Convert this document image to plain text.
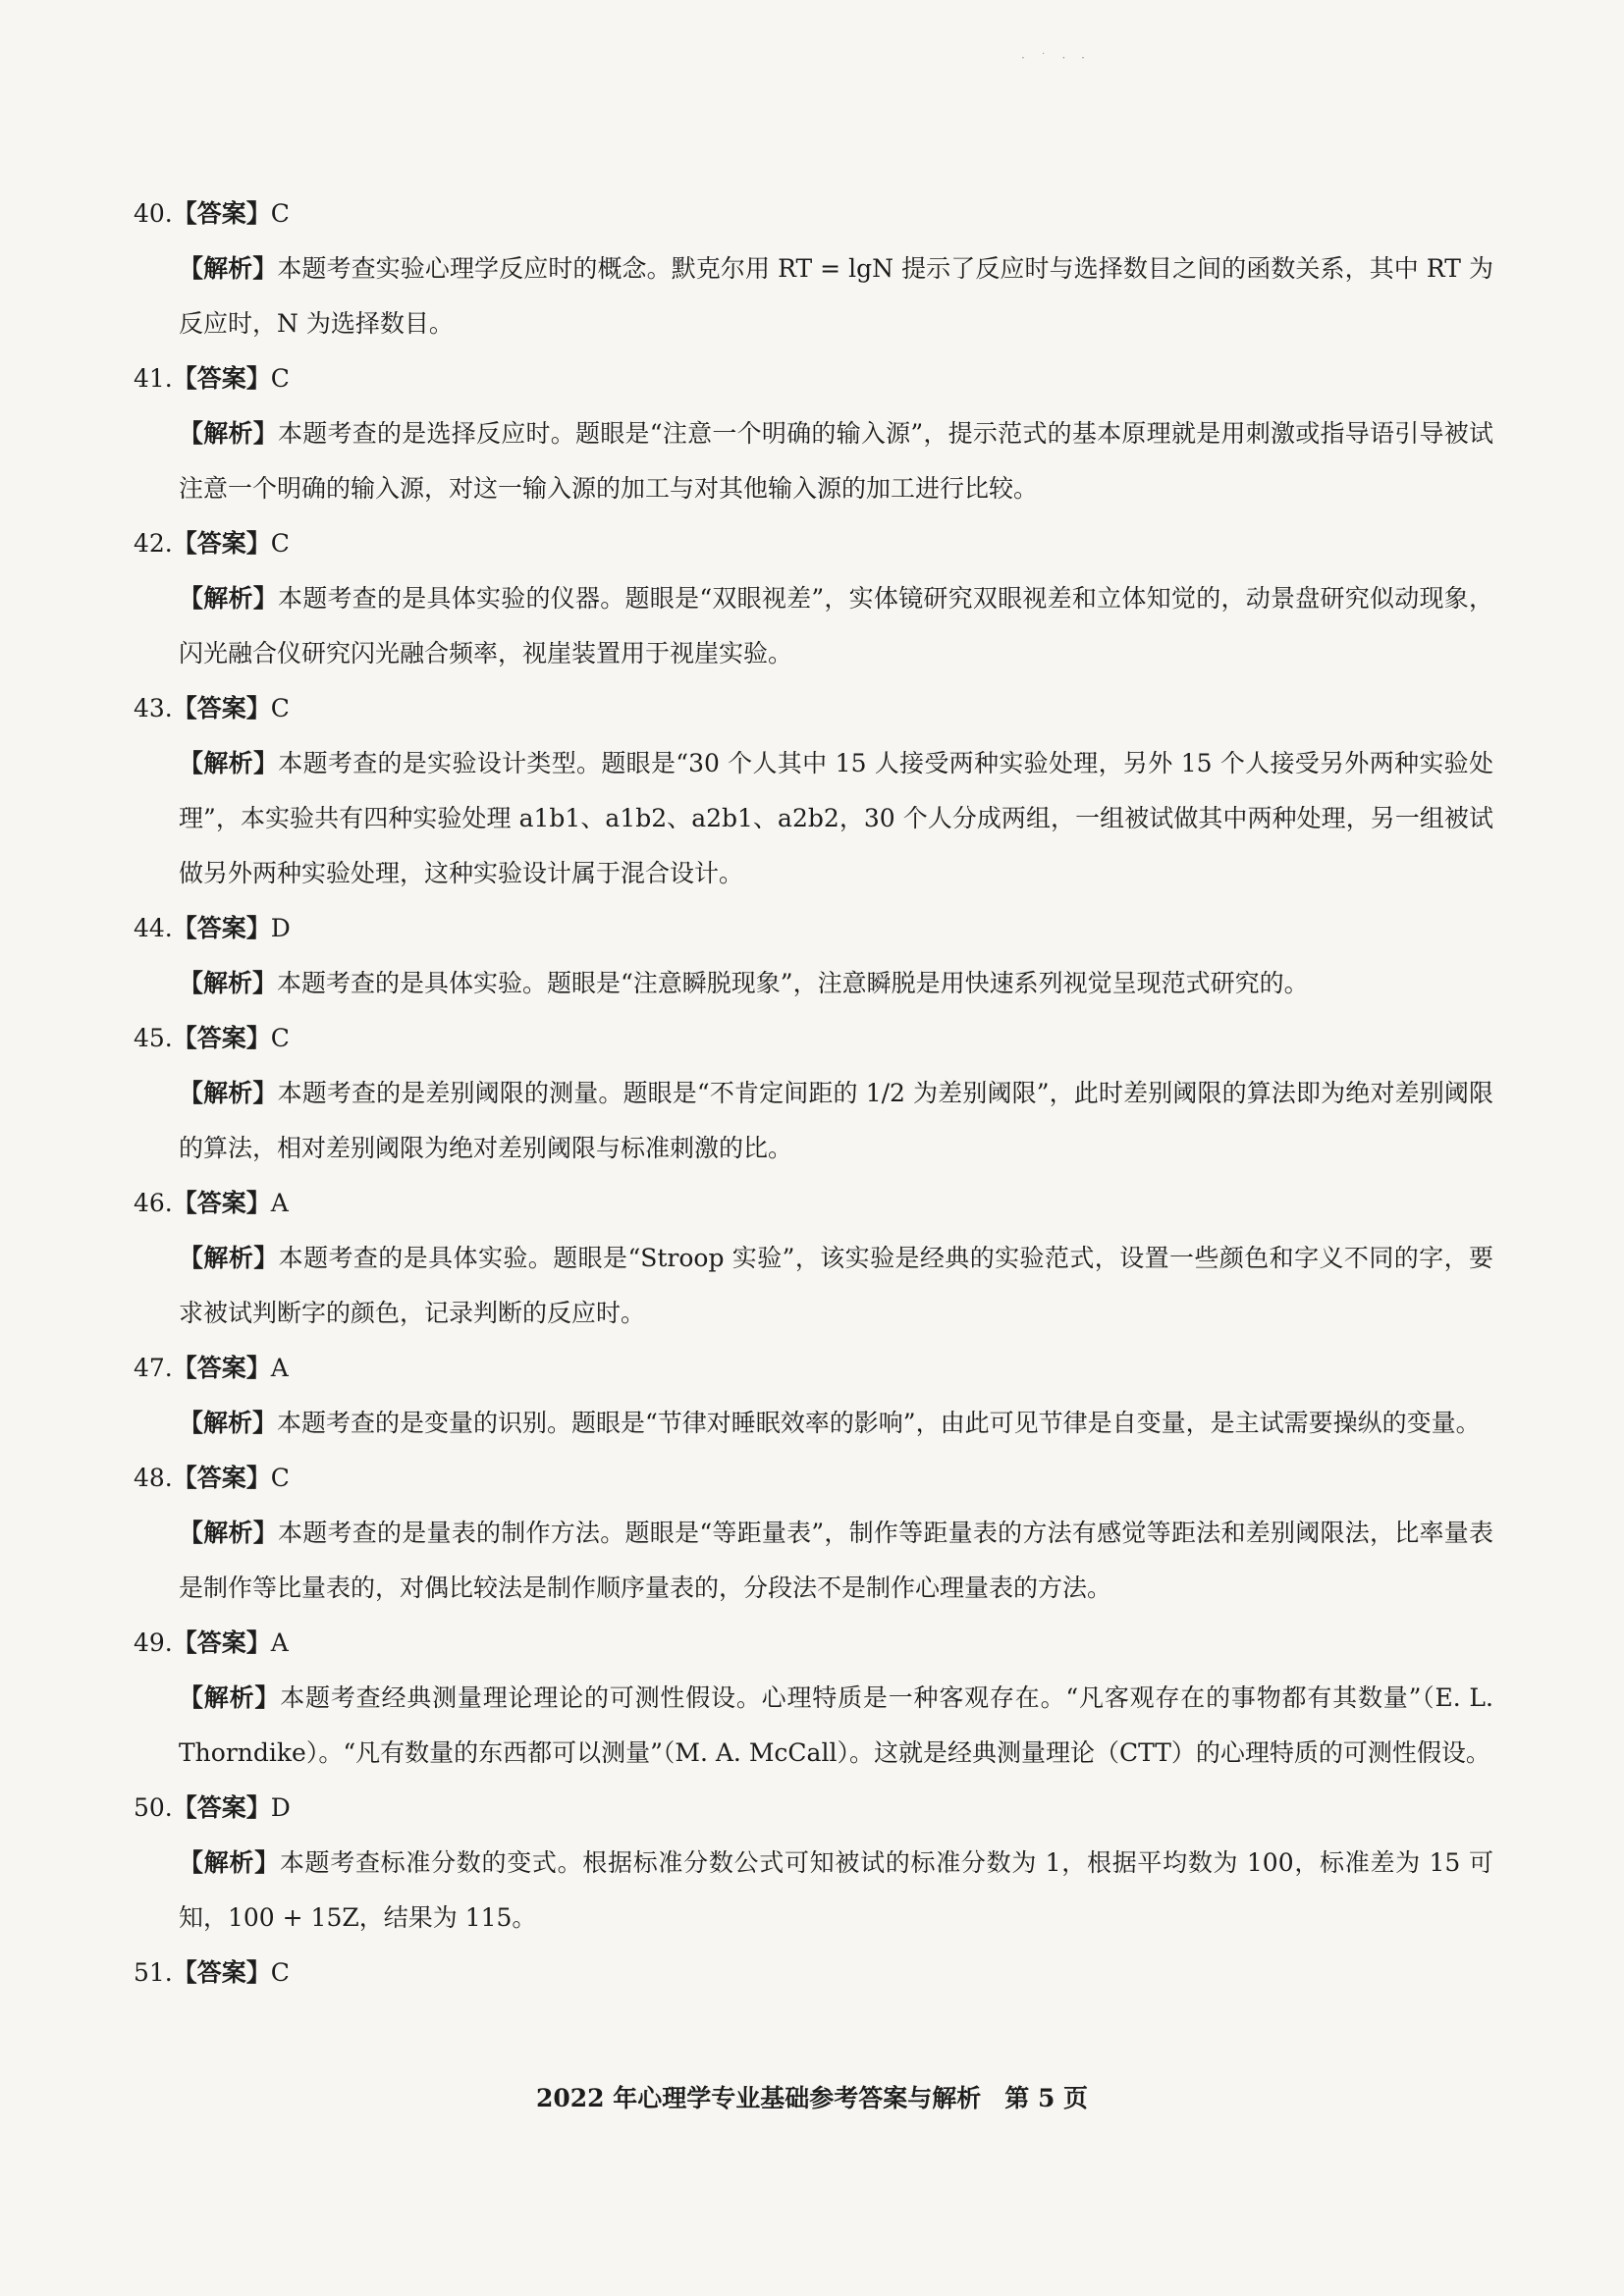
· ˙ · ·
40.【答案】C
【解析】本题考查实验心理学反应时的概念。默克尔用 RT = lgN 提示了反应时与选择数目之间的函数关系，其中 RT 为反应时，N 为选择数目。
41.【答案】C
【解析】本题考查的是选择反应时。题眼是“注意一个明确的输入源”，提示范式的基本原理就是用刺激或指导语引导被试注意一个明确的输入源，对这一输入源的加工与对其他输入源的加工进行比较。
42.【答案】C
【解析】本题考查的是具体实验的仪器。题眼是“双眼视差”，实体镜研究双眼视差和立体知觉的，动景盘研究似动现象，闪光融合仪研究闪光融合频率，视崖装置用于视崖实验。
43.【答案】C
【解析】本题考查的是实验设计类型。题眼是“30 个人其中 15 人接受两种实验处理，另外 15 个人接受另外两种实验处理”，本实验共有四种实验处理 a1b1、a1b2、a2b1、a2b2，30 个人分成两组，一组被试做其中两种处理，另一组被试做另外两种实验处理，这种实验设计属于混合设计。
44.【答案】D
【解析】本题考查的是具体实验。题眼是“注意瞬脱现象”，注意瞬脱是用快速系列视觉呈现范式研究的。
45.【答案】C
【解析】本题考查的是差别阈限的测量。题眼是“不肯定间距的 1/2 为差别阈限”，此时差别阈限的算法即为绝对差别阈限的算法，相对差别阈限为绝对差别阈限与标准刺激的比。
46.【答案】A
【解析】本题考查的是具体实验。题眼是“Stroop 实验”，该实验是经典的实验范式，设置一些颜色和字义不同的字，要求被试判断字的颜色，记录判断的反应时。
47.【答案】A
【解析】本题考查的是变量的识别。题眼是“节律对睡眠效率的影响”，由此可见节律是自变量，是主试需要操纵的变量。
48.【答案】C
【解析】本题考查的是量表的制作方法。题眼是“等距量表”，制作等距量表的方法有感觉等距法和差别阈限法，比率量表是制作等比量表的，对偶比较法是制作顺序量表的，分段法不是制作心理量表的方法。
49.【答案】A
【解析】本题考查经典测量理论理论的可测性假设。心理特质是一种客观存在。“凡客观存在的事物都有其数量”（E. L. Thorndike）。“凡有数量的东西都可以测量”（M. A. McCall）。这就是经典测量理论（CTT）的心理特质的可测性假设。
50.【答案】D
【解析】本题考查标准分数的变式。根据标准分数公式可知被试的标准分数为 1，根据平均数为 100，标准差为 15 可知，100 + 15Z，结果为 115。
51.【答案】C
2022 年心理学专业基础参考答案与解析 第 5 页
